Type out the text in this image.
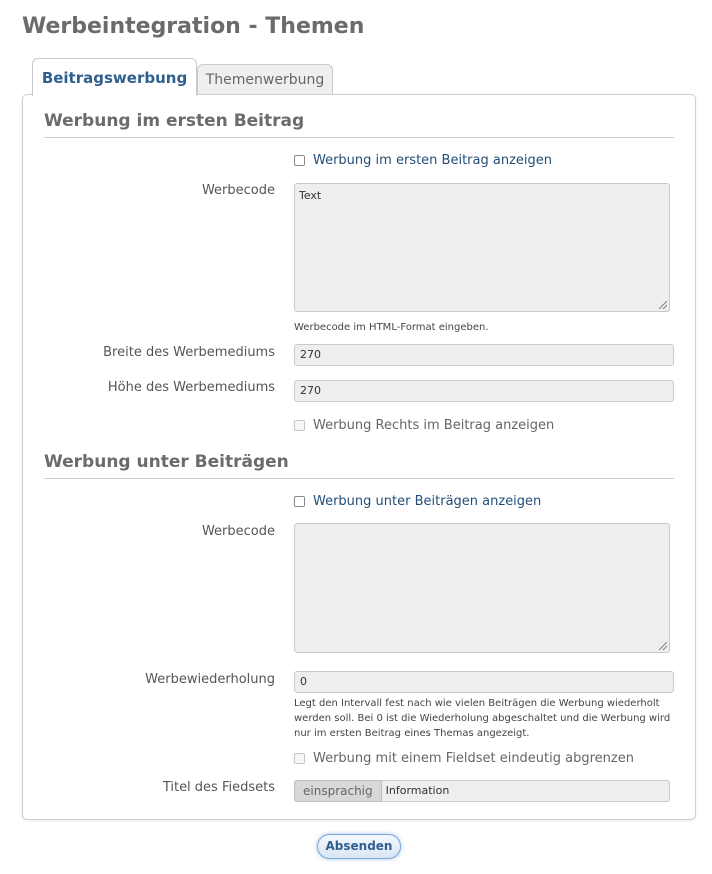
Werbeintegration - Themen
Beitragswerbung	Themenwerbung
Werbung im ersten Beitrag
Werbung im ersten Beitrag anzeigen
Werbecode	Text
Werbecode im HTML-Format eingeben.
Breite des Werbemediums	270
Höhe des Werbemediums	270
Werbung Rechts im Beitrag anzeigen
Werbung unter Beiträgen
Werbung unter Beiträgen anzeigen
Werbecode
Werbewiederholung	0
Legt den Intervall fest nach wie vielen Beiträgen die Werbung wiederholt werden soll. Bei 0 ist die Wiederholung abgeschaltet und die Werbung wird nur im ersten Beitrag eines Themas angezeigt.
Werbung mit einem Fieldset eindeutig abgrenzen
Titel des Fiedsets	einsprachig	Information
Absenden
